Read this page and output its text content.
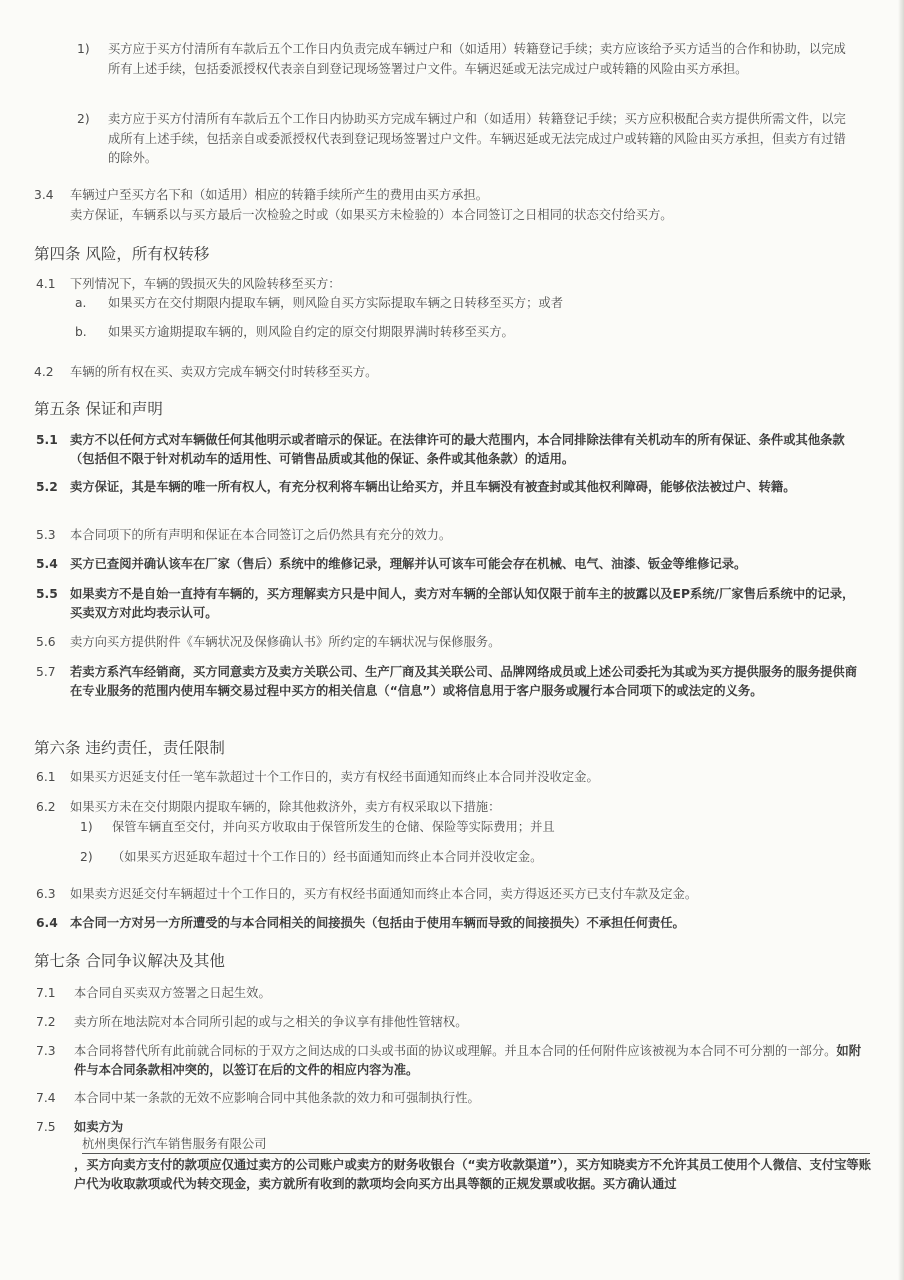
1) 买方应于买方付清所有车款后五个工作日内负责完成车辆过户和（如适用）转籍登记手续；卖方应该给予买方适当的合作和协助，以完成所有上述手续，包括委派授权代表亲自到登记现场签署过户文件。车辆迟延或无法完成过户或转籍的风险由买方承担。
2) 卖方应于买方付清所有车款后五个工作日内协助买方完成车辆过户和（如适用）转籍登记手续；买方应积极配合卖方提供所需文件，以完成所有上述手续，包括亲自或委派授权代表到登记现场签署过户文件。车辆迟延或无法完成过户或转籍的风险由买方承担，但卖方有过错的除外。
3.4 车辆过户至买方名下和（如适用）相应的转籍手续所产生的费用由买方承担。
卖方保证，车辆系以与买方最后一次检验之时或（如果买方未检验的）本合同签订之日相同的状态交付给买方。
第四条 风险，所有权转移
4.1 下列情况下，车辆的毁损灭失的风险转移至买方：
a. 如果买方在交付期限内提取车辆，则风险自买方实际提取车辆之日转移至买方；或者
b. 如果买方逾期提取车辆的，则风险自约定的原交付期限界满时转移至买方。
4.2 车辆的所有权在买、卖双方完成车辆交付时转移至买方。
第五条 保证和声明
5.1 卖方不以任何方式对车辆做任何其他明示或者暗示的保证。在法律许可的最大范围内，本合同排除法律有关机动车的所有保证、条件或其他条款（包括但不限于针对机动车的适用性、可销售品质或其他的保证、条件或其他条款）的适用。
5.2 卖方保证，其是车辆的唯一所有权人，有充分权利将车辆出让给买方，并且车辆没有被查封或其他权利障碍，能够依法被过户、转籍。
5.3 本合同项下的所有声明和保证在本合同签订之后仍然具有充分的效力。
5.4 买方已查阅并确认该车在厂家（售后）系统中的维修记录，理解并认可该车可能会存在机械、电气、油漆、钣金等维修记录。
5.5 如果卖方不是自始一直持有车辆的，买方理解卖方只是中间人，卖方对车辆的全部认知仅限于前车主的披露以及EP系统/厂家售后系统中的记录，买卖双方对此均表示认可。
5.6 卖方向买方提供附件《车辆状况及保修确认书》所约定的车辆状况与保修服务。
5.7 若卖方系汽车经销商，买方同意卖方及卖方关联公司、生产厂商及其关联公司、品牌网络成员或上述公司委托为其或为买方提供服务的服务提供商在专业服务的范围内使用车辆交易过程中买方的相关信息（“信息”）或将信息用于客户服务或履行本合同项下的或法定的义务。
第六条 违约责任，责任限制
6.1 如果买方迟延支付任一笔车款超过十个工作日的，卖方有权经书面通知而终止本合同并没收定金。
6.2 如果买方未在交付期限内提取车辆的，除其他救济外，卖方有权采取以下措施：
1) 保管车辆直至交付，并向买方收取由于保管所发生的仓储、保险等实际费用；并且
2) （如果买方迟延取车超过十个工作日的）经书面通知而终止本合同并没收定金。
6.3 如果卖方迟延交付车辆超过十个工作日的，买方有权经书面通知而终止本合同，卖方得返还买方已支付车款及定金。
6.4 本合同一方对另一方所遭受的与本合同相关的间接损失（包括由于使用车辆而导致的间接损失）不承担任何责任。
第七条 合同争议解决及其他
7.1 本合同自买卖双方签署之日起生效。
7.2 卖方所在地法院对本合同所引起的或与之相关的争议享有排他性管辖权。
7.3 本合同将替代所有此前就合同标的于双方之间达成的口头或书面的协议或理解。并且本合同的任何附件应该被视为本合同不可分割的一部分。如附件与本合同条款相冲突的，以签订在后的文件的相应内容为准。
7.4 本合同中某一条款的无效不应影响合同中其他条款的效力和可强制执行性。
7.5 如卖方为
杭州奥保行汽车销售服务有限公司
，买方向卖方支付的款项应仅通过卖方的公司账户或卖方的财务收银台（“卖方收款渠道”），买方知晓卖方不允许其员工使用个人微信、支付宝等账户代为收取款项或代为转交现金，卖方就所有收到的款项均会向买方出具等额的正规发票或收据。买方确认通过
